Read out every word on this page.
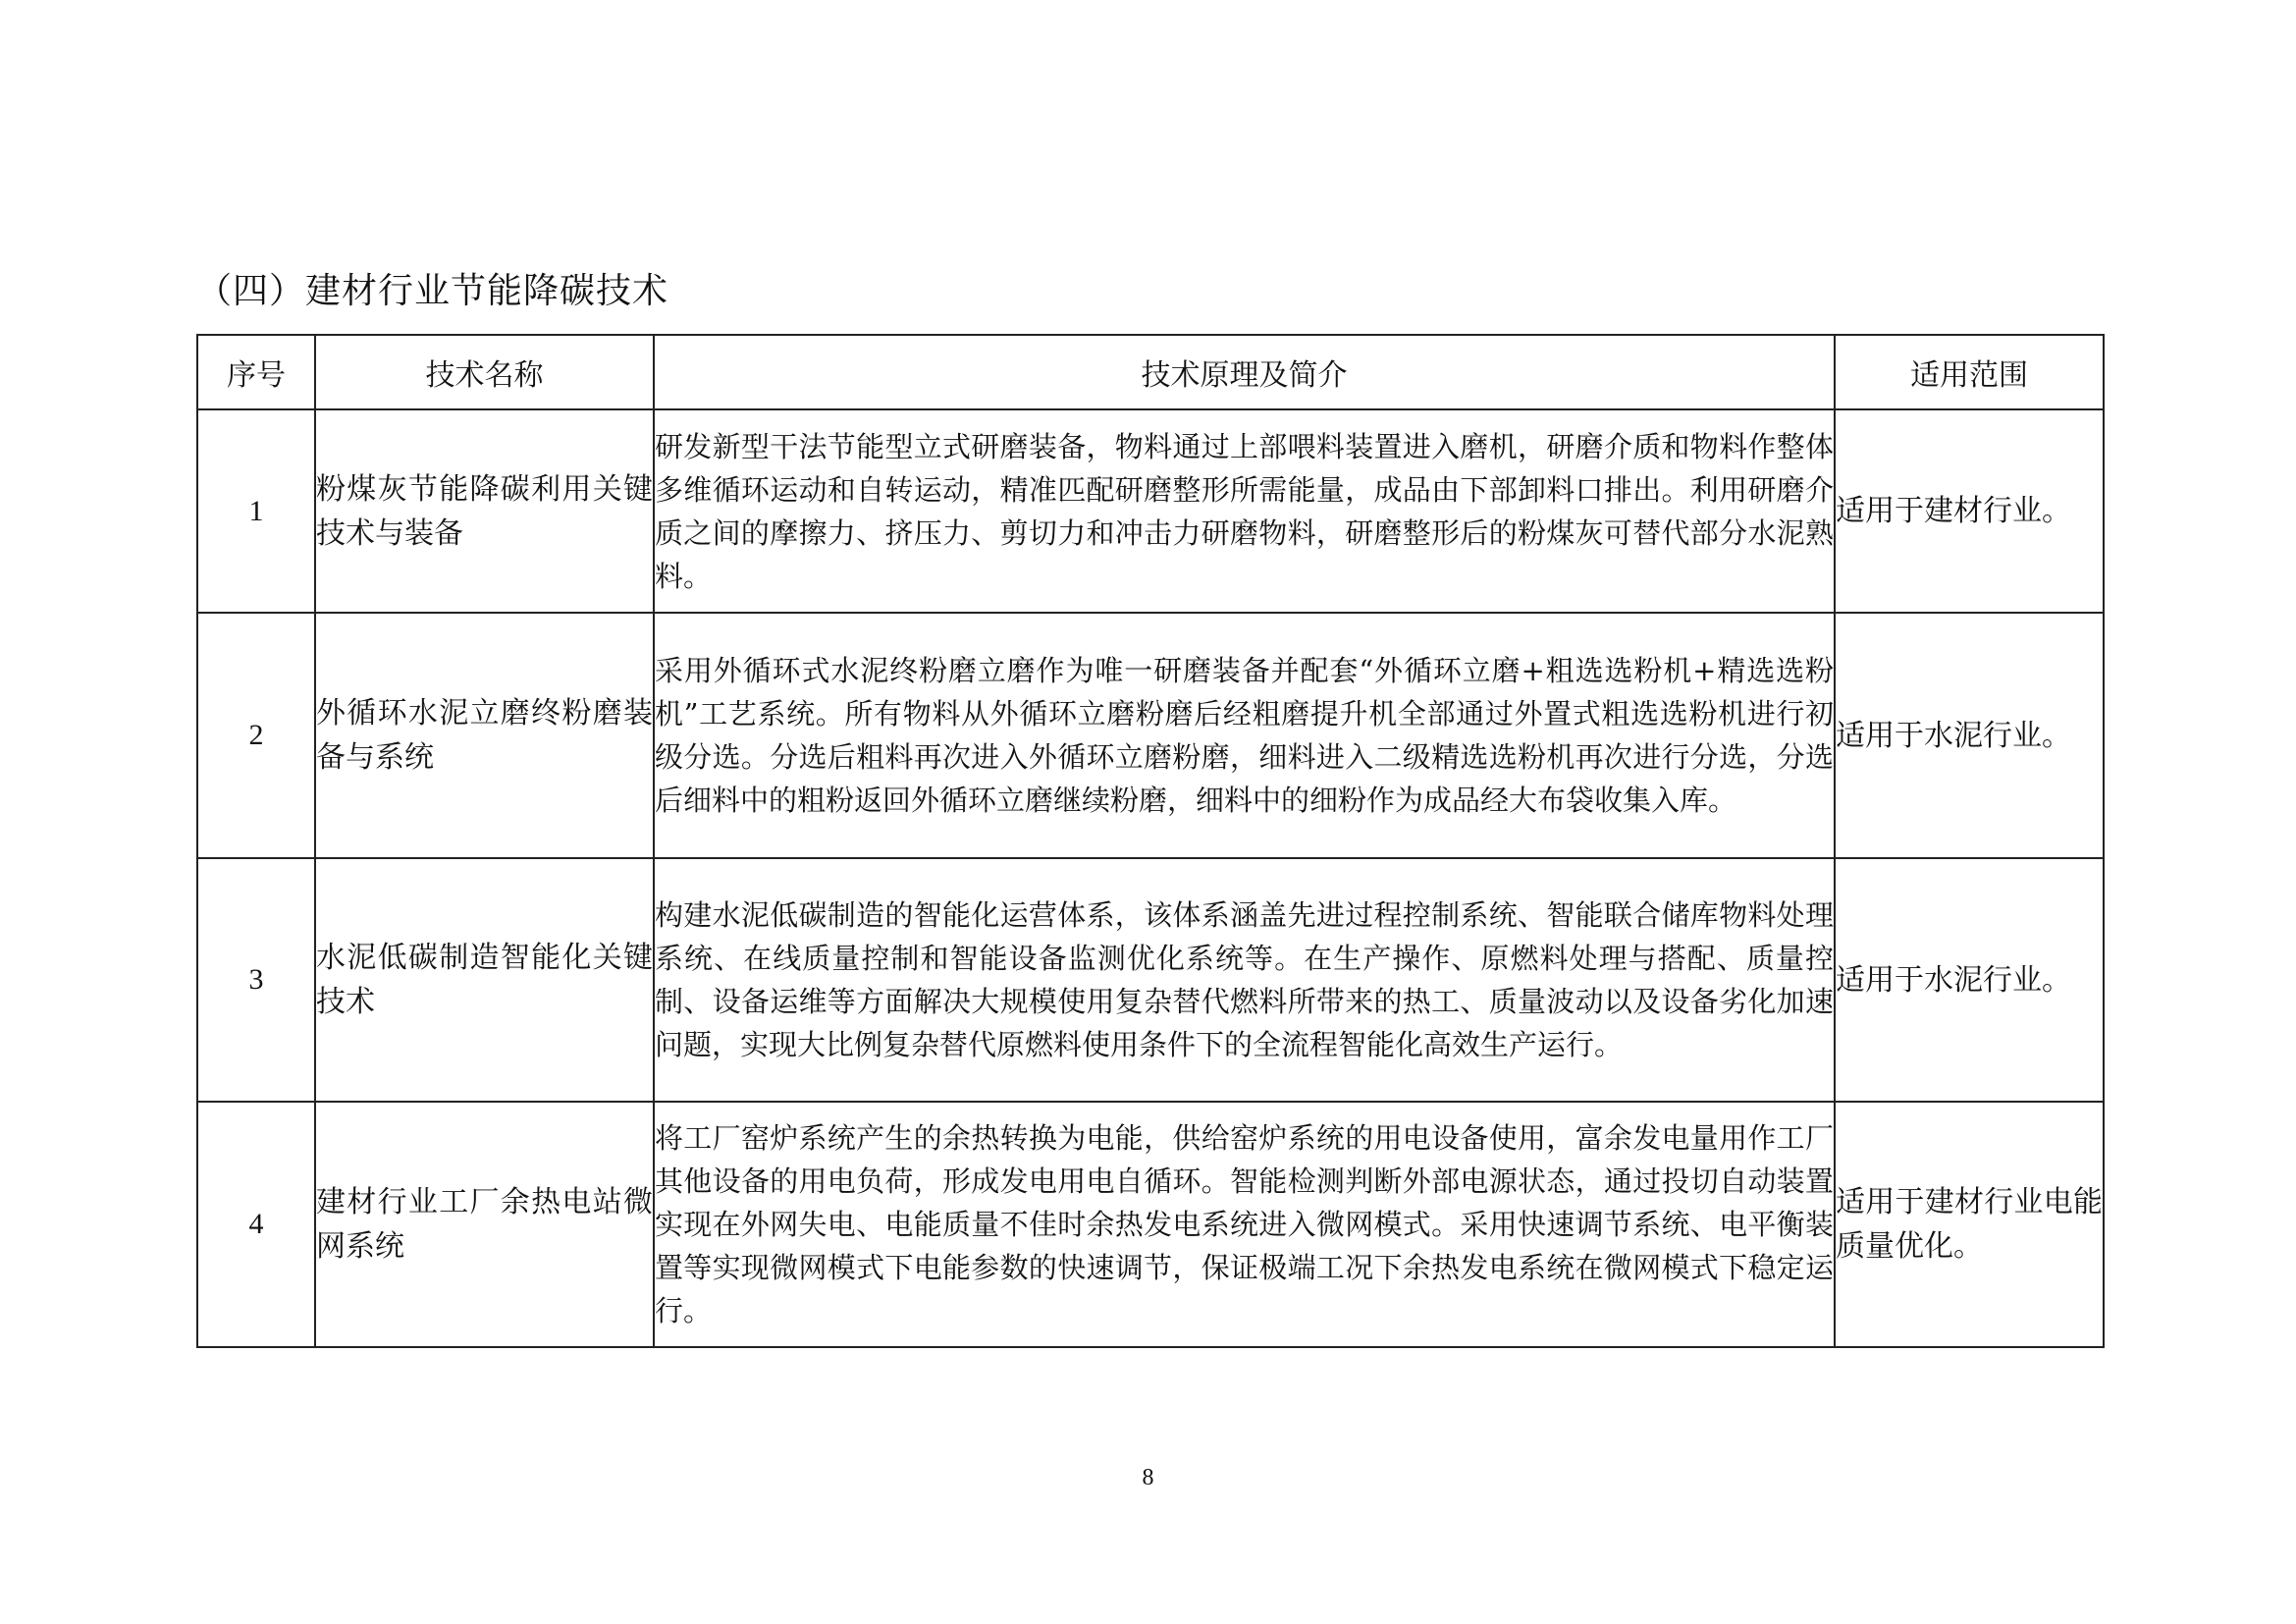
（四）建材行业节能降碳技术
序号	技术名称	技术原理及简介	适用范围
1	粉煤灰节能降碳利用关键技术与装备	研发新型干法节能型立式研磨装备，物料通过上部喂料装置进入磨机，研磨介质和物料作整体多维循环运动和自转运动，精准匹配研磨整形所需能量，成品由下部卸料口排出。利用研磨介质之间的摩擦力、挤压力、剪切力和冲击力研磨物料，研磨整形后的粉煤灰可替代部分水泥熟料。	适用于建材行业。
2	外循环水泥立磨终粉磨装备与系统	采用外循环式水泥终粉磨立磨作为唯一研磨装备并配套“外循环立磨+粗选选粉机+精选选粉机”工艺系统。所有物料从外循环立磨粉磨后经粗磨提升机全部通过外置式粗选选粉机进行初级分选。分选后粗料再次进入外循环立磨粉磨，细料进入二级精选选粉机再次进行分选，分选后细料中的粗粉返回外循环立磨继续粉磨，细料中的细粉作为成品经大布袋收集入库。	适用于水泥行业。
3	水泥低碳制造智能化关键技术	构建水泥低碳制造的智能化运营体系，该体系涵盖先进过程控制系统、智能联合储库物料处理系统、在线质量控制和智能设备监测优化系统等。在生产操作、原燃料处理与搭配、质量控制、设备运维等方面解决大规模使用复杂替代燃料所带来的热工、质量波动以及设备劣化加速问题，实现大比例复杂替代原燃料使用条件下的全流程智能化高效生产运行。	适用于水泥行业。
4	建材行业工厂余热电站微网系统	将工厂窑炉系统产生的余热转换为电能，供给窑炉系统的用电设备使用，富余发电量用作工厂其他设备的用电负荷，形成发电用电自循环。智能检测判断外部电源状态，通过投切自动装置实现在外网失电、电能质量不佳时余热发电系统进入微网模式。采用快速调节系统、电平衡装置等实现微网模式下电能参数的快速调节，保证极端工况下余热发电系统在微网模式下稳定运行。	适用于建材行业电能质量优化。
8
